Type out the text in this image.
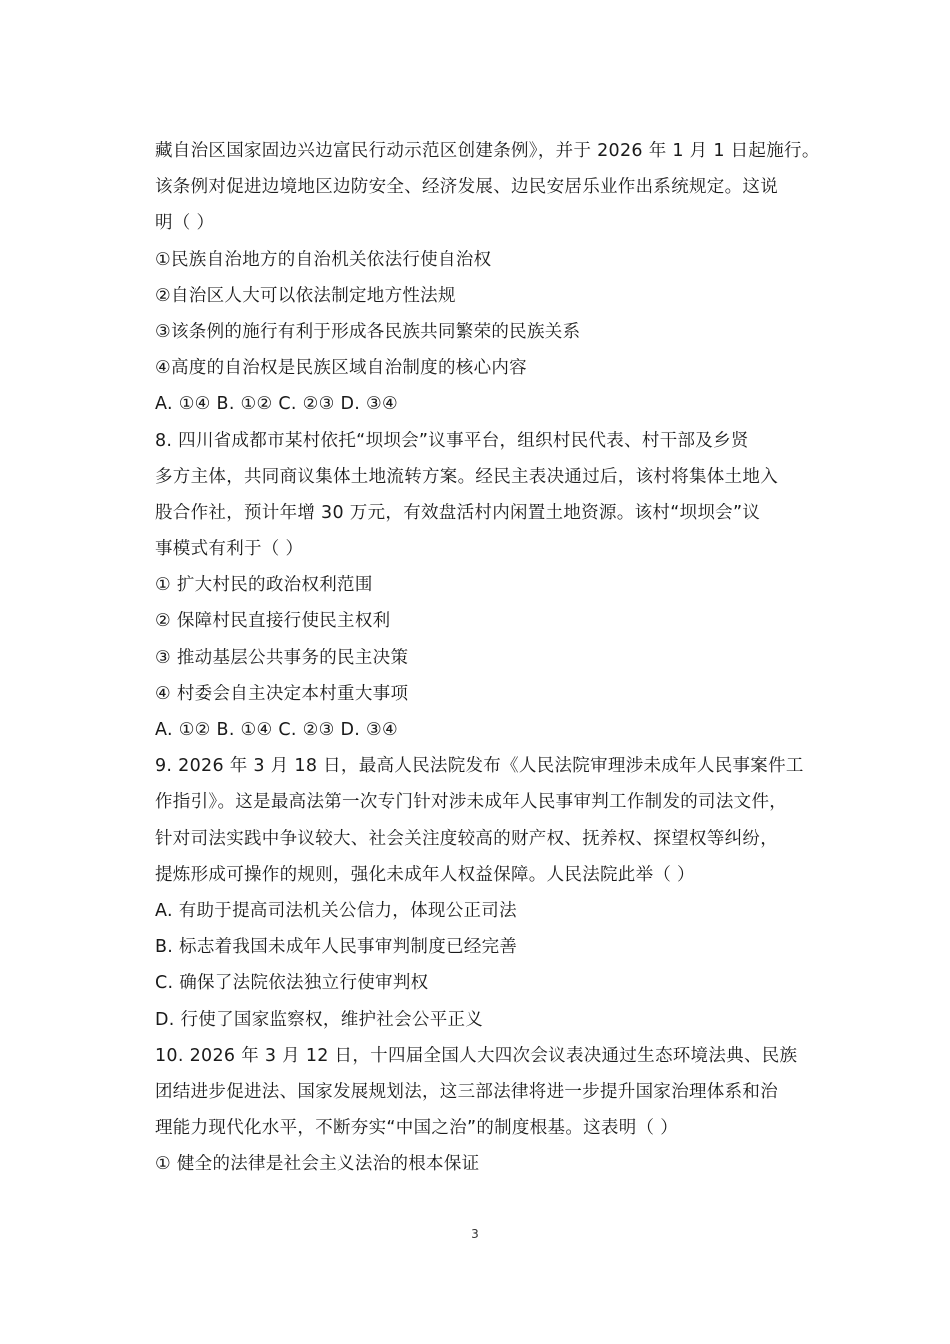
藏自治区国家固边兴边富民行动示范区创建条例》，并于 2026 年 1 月 1 日起施行。
该条例对促进边境地区边防安全、经济发展、边民安居乐业作出系统规定。这说
明（ ）
①民族自治地方的自治机关依法行使自治权
②自治区人大可以依法制定地方性法规
③该条例的施行有利于形成各民族共同繁荣的民族关系
④高度的自治权是民族区域自治制度的核心内容
A. ①④ B. ①② C. ②③ D. ③④
8. 四川省成都市某村依托“坝坝会”议事平台，组织村民代表、村干部及乡贤
多方主体，共同商议集体土地流转方案。经民主表决通过后，该村将集体土地入
股合作社，预计年增 30 万元，有效盘活村内闲置土地资源。该村“坝坝会”议
事模式有利于（ ）
① 扩大村民的政治权利范围
② 保障村民直接行使民主权利
③ 推动基层公共事务的民主决策
④ 村委会自主决定本村重大事项
A. ①② B. ①④ C. ②③ D. ③④
9. 2026 年 3 月 18 日，最高人民法院发布《人民法院审理涉未成年人民事案件工
作指引》。这是最高法第一次专门针对涉未成年人民事审判工作制发的司法文件，
针对司法实践中争议较大、社会关注度较高的财产权、抚养权、探望权等纠纷，
提炼形成可操作的规则，强化未成年人权益保障。人民法院此举（ ）
A. 有助于提高司法机关公信力，体现公正司法
B. 标志着我国未成年人民事审判制度已经完善
C. 确保了法院依法独立行使审判权
D. 行使了国家监察权，维护社会公平正义
10. 2026 年 3 月 12 日，十四届全国人大四次会议表决通过生态环境法典、民族
团结进步促进法、国家发展规划法，这三部法律将进一步提升国家治理体系和治
理能力现代化水平，不断夯实“中国之治”的制度根基。这表明（ ）
① 健全的法律是社会主义法治的根本保证
3
